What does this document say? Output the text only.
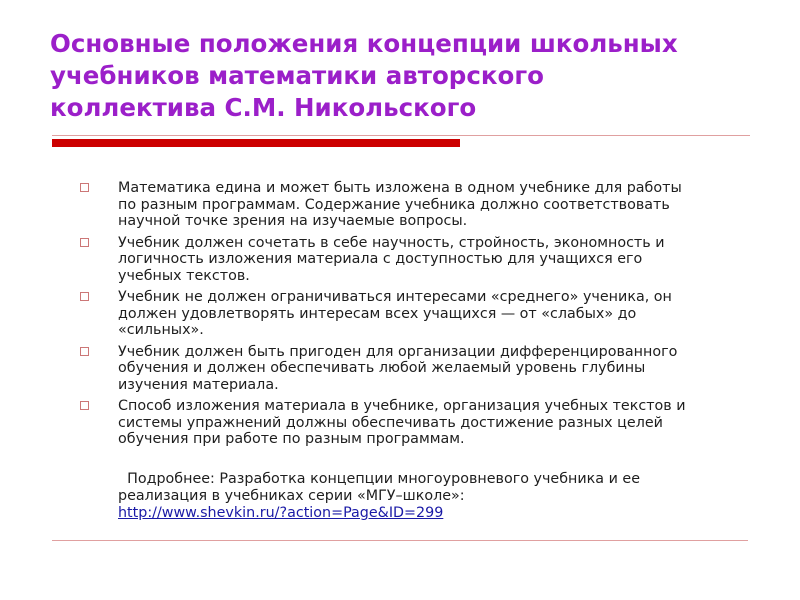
Основные положения концепции школьных
учебников математики авторского
коллектива С.М. Никольского
Математика едина и может быть изложена в одном учебнике для работы
по разным программам. Содержание учебника должно соответствовать
научной точке зрения на изучаемые вопросы.
Учебник должен сочетать в себе научность, стройность, экономность и
логичность изложения материала с доступностью для учащихся его
учебных текстов.
Учебник не должен ограничиваться интересами «среднего» ученика, он
должен удовлетворять интересам всех учащихся — от «слабых» до
«сильных».
Учебник должен быть пригоден для организации дифференцированного
обучения и должен обеспечивать любой желаемый уровень глубины
изучения материала.
Способ изложения материала в учебнике, организация учебных текстов и
системы упражнений должны обеспечивать достижение разных целей
обучения при работе по разным программам.
Подробнее: Разработка концепции многоуровневого учебника и ее
реализация в учебниках серии «МГУ–школе»:
http://www.shevkin.ru/?action=Page&ID=299
